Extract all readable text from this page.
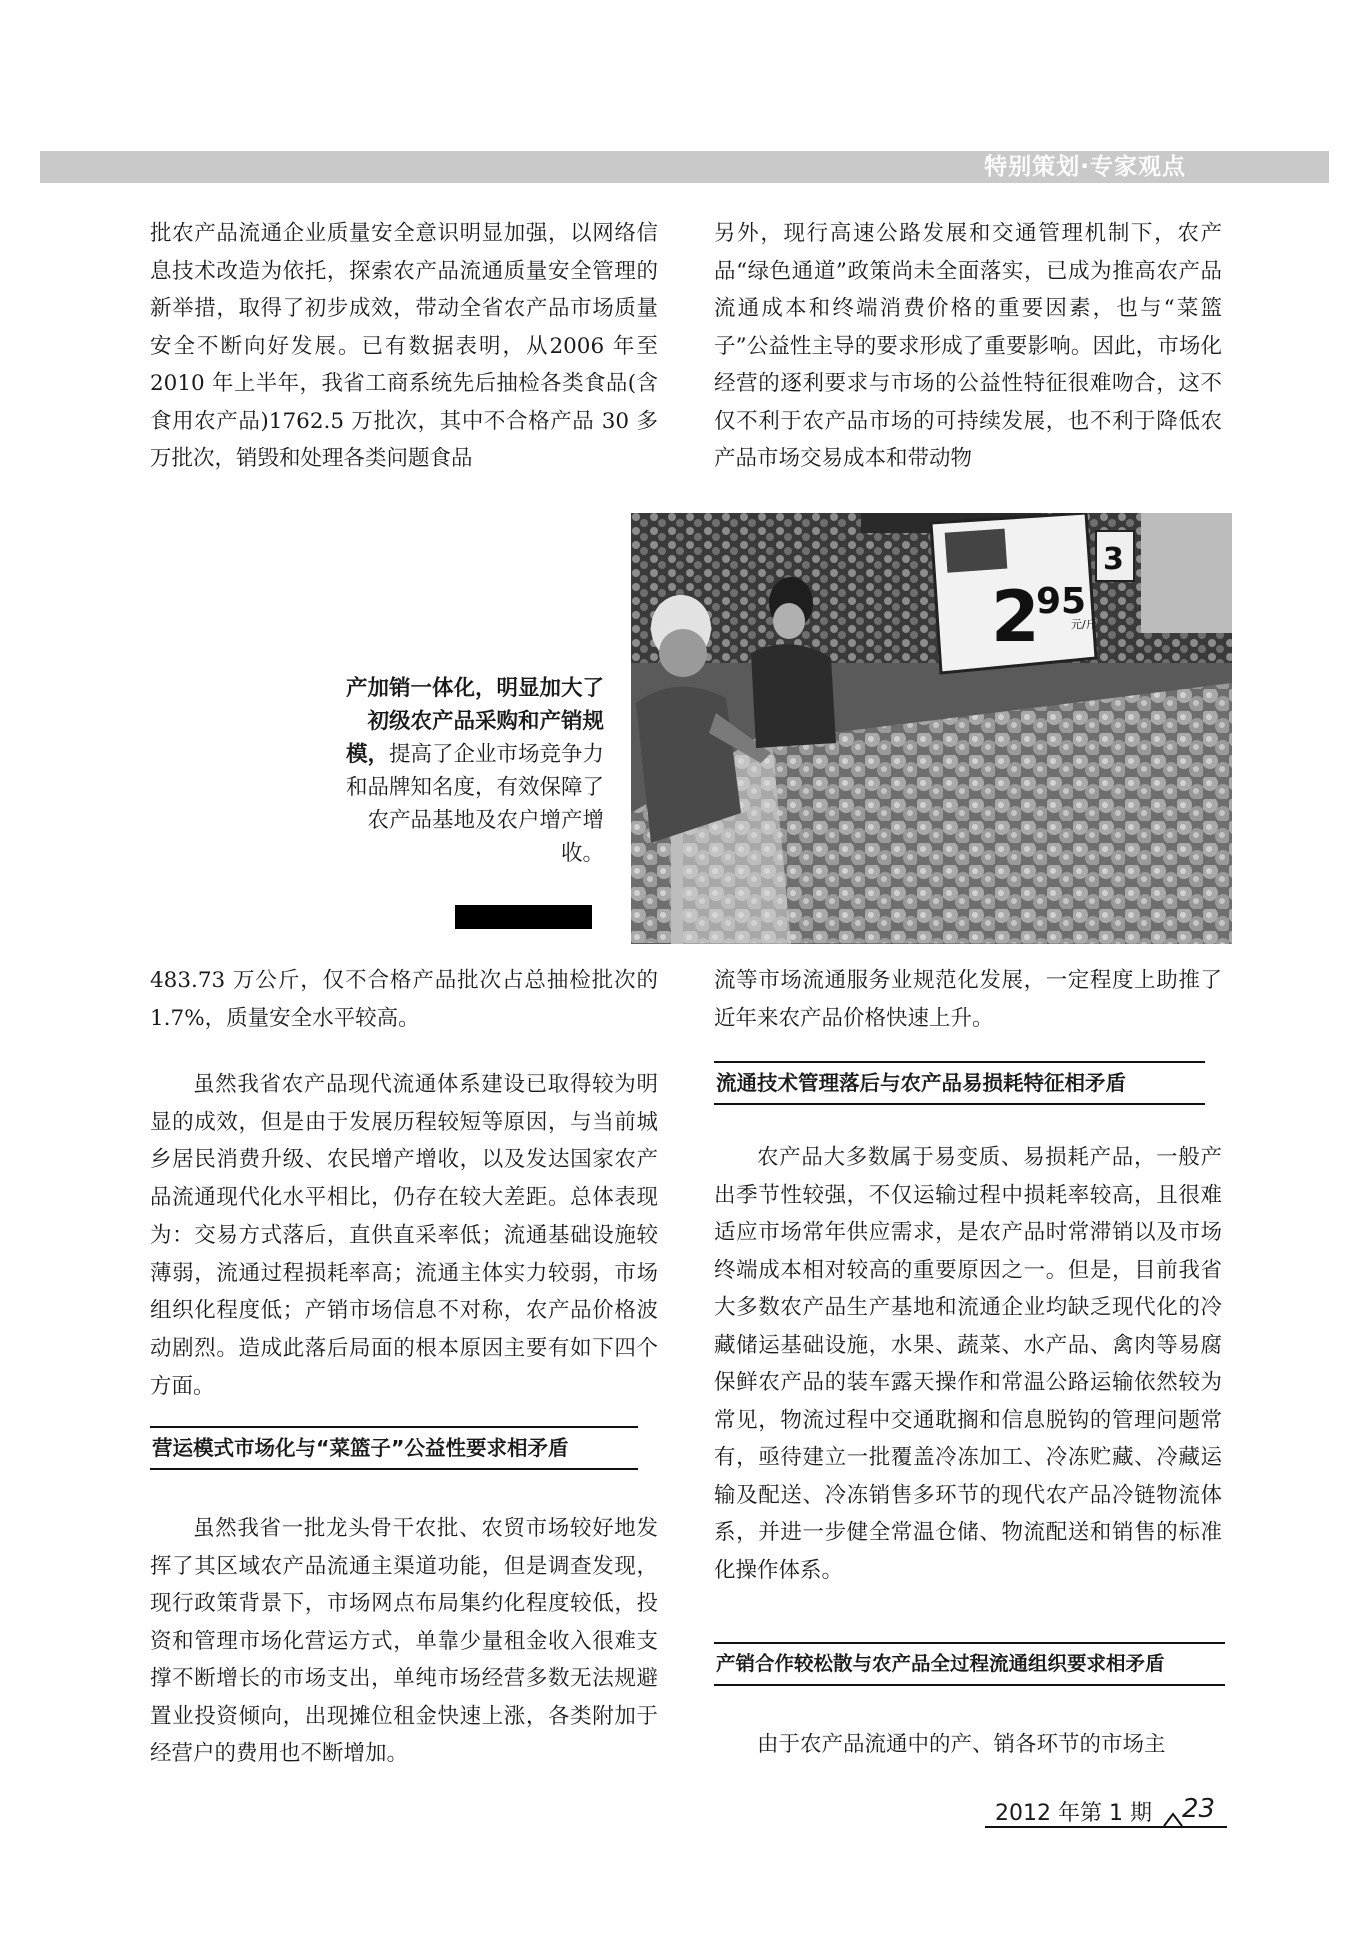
特别策划·专家观点

批农产品流通企业质量安全意识明显加强，以网络信息技术改造为依托，探索农产品流通质量安全管理的新举措，取得了初步成效，带动全省农产品市场质量安全不断向好发展。已有数据表明，从2006 年至 2010 年上半年，我省工商系统先后抽检各类食品(含食用农产品)1762.5 万批次，其中不合格产品 30 多万批次，销毁和处理各类问题食品

另外，现行高速公路发展和交通管理机制下，农产品“绿色通道”政策尚未全面落实，已成为推高农产品流通成本和终端消费价格的重要因素，也与“菜篮子”公益性主导的要求形成了重要影响。因此，市场化经营的逐利要求与市场的公益性特征很难吻合，这不仅不利于农产品市场的可持续发展，也不利于降低农产品市场交易成本和带动物

2
95
元/斤
3
产加销一体化，明显加大了初级农产品采购和产销规模，提高了企业市场竞争力和品牌知名度，有效保障了农产品基地及农户增产增收。

483.73 万公斤，仅不合格产品批次占总抽检批次的 1.7%，质量安全水平较高。

虽然我省农产品现代流通体系建设已取得较为明显的成效，但是由于发展历程较短等原因，与当前城乡居民消费升级、农民增产增收，以及发达国家农产品流通现代化水平相比，仍存在较大差距。总体表现为：交易方式落后，直供直采率低；流通基础设施较薄弱，流通过程损耗率高；流通主体实力较弱，市场组织化程度低；产销市场信息不对称，农产品价格波动剧烈。造成此落后局面的根本原因主要有如下四个方面。

营运模式市场化与“菜篮子”公益性要求相矛盾

虽然我省一批龙头骨干农批、农贸市场较好地发挥了其区域农产品流通主渠道功能，但是调查发现，现行政策背景下，市场网点布局集约化程度较低，投资和管理市场化营运方式，单靠少量租金收入很难支撑不断增长的市场支出，单纯市场经营多数无法规避置业投资倾向，出现摊位租金快速上涨，各类附加于经营户的费用也不断增加。

流等市场流通服务业规范化发展，一定程度上助推了近年来农产品价格快速上升。

流通技术管理落后与农产品易损耗特征相矛盾

农产品大多数属于易变质、易损耗产品，一般产出季节性较强，不仅运输过程中损耗率较高，且很难适应市场常年供应需求，是农产品时常滞销以及市场终端成本相对较高的重要原因之一。但是，目前我省大多数农产品生产基地和流通企业均缺乏现代化的冷藏储运基础设施，水果、蔬菜、水产品、禽肉等易腐保鲜农产品的装车露天操作和常温公路运输依然较为常见，物流过程中交通耽搁和信息脱钩的管理问题常有，亟待建立一批覆盖冷冻加工、冷冻贮藏、冷藏运输及配送、冷冻销售多环节的现代农产品冷链物流体系，并进一步健全常温仓储、物流配送和销售的标准化操作体系。

产销合作较松散与农产品全过程流通组织要求相矛盾

由于农产品流通中的产、销各环节的市场主

2012 年第 1 期 23
